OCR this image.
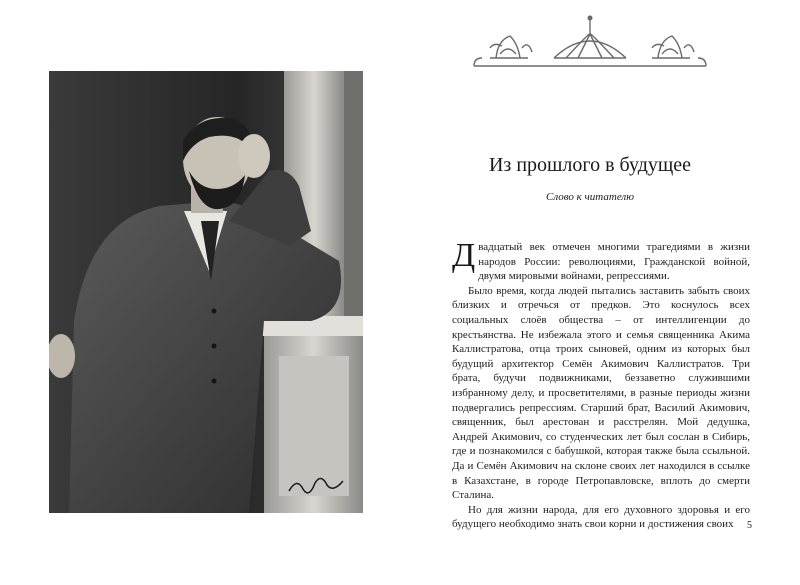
Из прошлого в будущее
Слово к читателю

Двадцатый век отмечен многими трагедиями в жизни народов России: революциями, Гражданской войной, двумя мировыми войнами, репрессиями.

Было время, когда людей пытались заставить забыть своих близких и отречься от предков. Это коснулось всех социальных слоёв общества – от интеллигенции до крестьянства. Не избежала этого и семья священника Акима Каллистратова, отца троих сыновей, одним из которых был будущий архитектор Семён Акимович Каллистратов. Три брата, будучи подвижниками, беззаветно служившими избранному делу, и просветителями, в разные периоды жизни подвергались репрессиям. Старший брат, Василий Акимович, священник, был арестован и расстрелян. Мой дедушка, Андрей Акимович, со студенческих лет был сослан в Сибирь, где и познакомился с бабушкой, которая также была ссыльной. Да и Семён Акимович на склоне своих лет находился в ссылке в Казахстане, в городе Петропавловске, вплоть до смерти Сталина.

Но для жизни народа, для его духовного здоровья и его будущего необходимо знать свои корни и достижения своих	5
